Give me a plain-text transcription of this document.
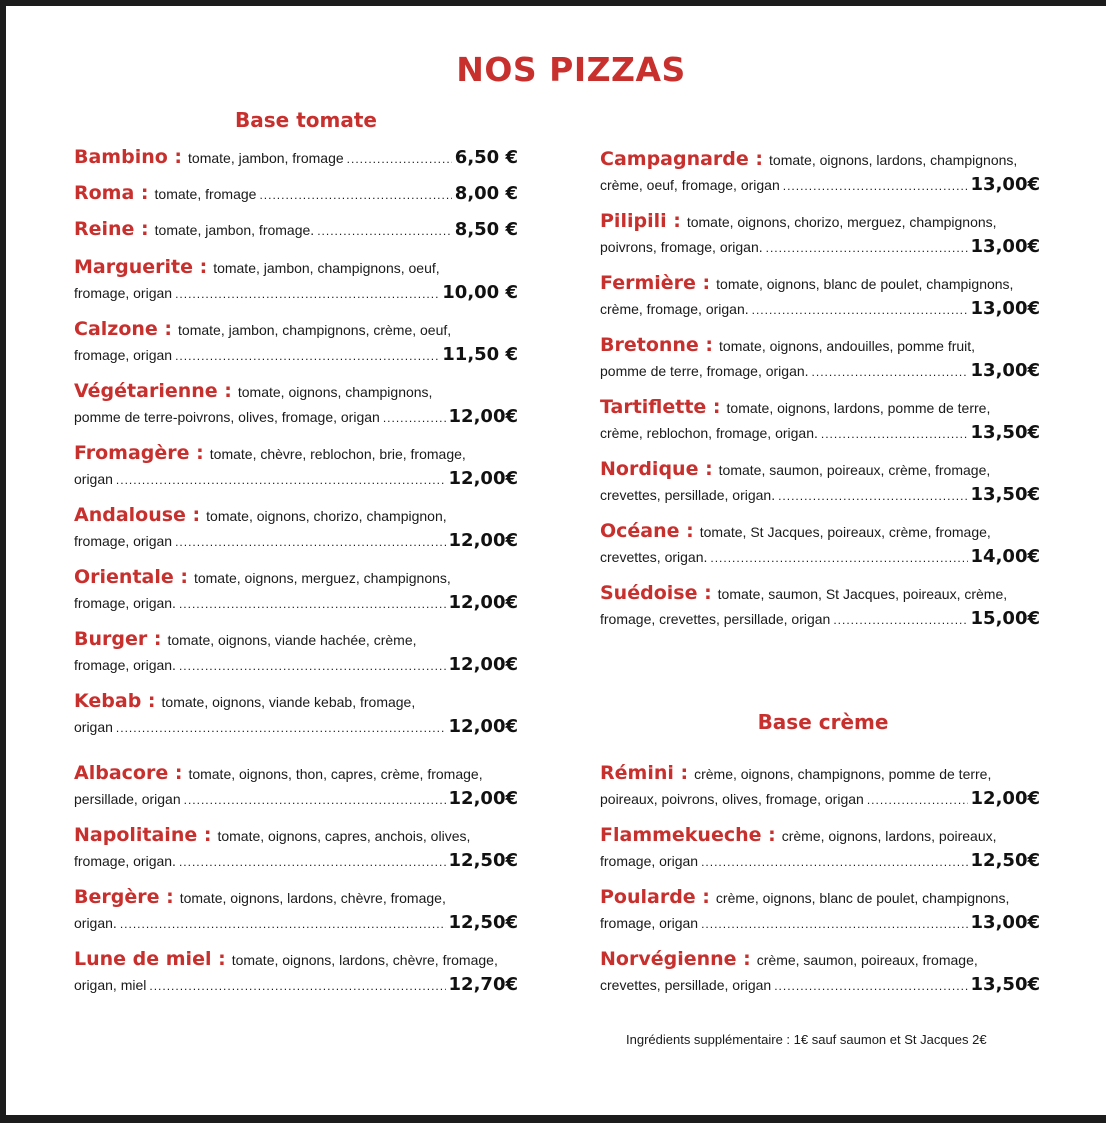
NOS PIZZAS
Base tomate
Bambino : tomate, jambon, fromage .....	6,50 €
Roma : tomate, fromage .....	8,00 €
Reine : tomate, jambon, fromage. .....	8,50 €
Marguerite : tomate, jambon, champignons, oeuf,
fromage, origan .....	10,00 €
Calzone : tomate, jambon, champignons, crème, oeuf,
fromage, origan .....	11,50 €
Végétarienne : tomate, oignons, champignons,
pomme de terre-poivrons, olives, fromage, origan .....	12,00€
Fromagère : tomate, chèvre, reblochon, brie, fromage,
origan .....	12,00€
Andalouse : tomate, oignons, chorizo, champignon,
fromage, origan .....	12,00€
Orientale : tomate, oignons, merguez, champignons,
fromage, origan. .....	12,00€
Burger : tomate, oignons, viande hachée, crème,
fromage, origan. .....	12,00€
Kebab : tomate, oignons, viande kebab, fromage,
origan .....	12,00€
Albacore : tomate, oignons, thon, capres, crème, fromage,
persillade, origan .....	12,00€
Napolitaine : tomate, oignons, capres, anchois, olives,
fromage, origan. .....	12,50€
Bergère : tomate, oignons, lardons, chèvre, fromage,
origan. .....	12,50€
Lune de miel : tomate, oignons, lardons, chèvre, fromage,
origan, miel .....	12,70€
Campagnarde : tomate, oignons, lardons, champignons,
crème, oeuf, fromage, origan .....	13,00€
Pilipili : tomate, oignons, chorizo, merguez, champignons,
poivrons, fromage, origan. .....	13,00€
Fermière : tomate, oignons, blanc de poulet, champignons,
crème, fromage, origan. .....	13,00€
Bretonne : tomate, oignons, andouilles, pomme fruit,
pomme de terre, fromage, origan. .....	13,00€
Tartiflette : tomate, oignons, lardons, pomme de terre,
crème, reblochon, fromage, origan. .....	13,50€
Nordique : tomate, saumon, poireaux, crème, fromage,
crevettes, persillade, origan. .....	13,50€
Océane : tomate, St Jacques, poireaux, crème, fromage,
crevettes, origan. .....	14,00€
Suédoise : tomate, saumon, St Jacques, poireaux, crème,
fromage, crevettes, persillade, origan .....	15,00€
Base crème
Rémini : crème, oignons, champignons, pomme de terre,
poireaux, poivrons, olives, fromage, origan .....	12,00€
Flammekueche : crème, oignons, lardons, poireaux,
fromage, origan .....	12,50€
Poularde : crème, oignons, blanc de poulet, champignons,
fromage, origan .....	13,00€
Norvégienne : crème, saumon, poireaux, fromage,
crevettes, persillade, origan .....	13,50€

Ingrédients supplémentaire : 1€ sauf saumon et St Jacques 2€
